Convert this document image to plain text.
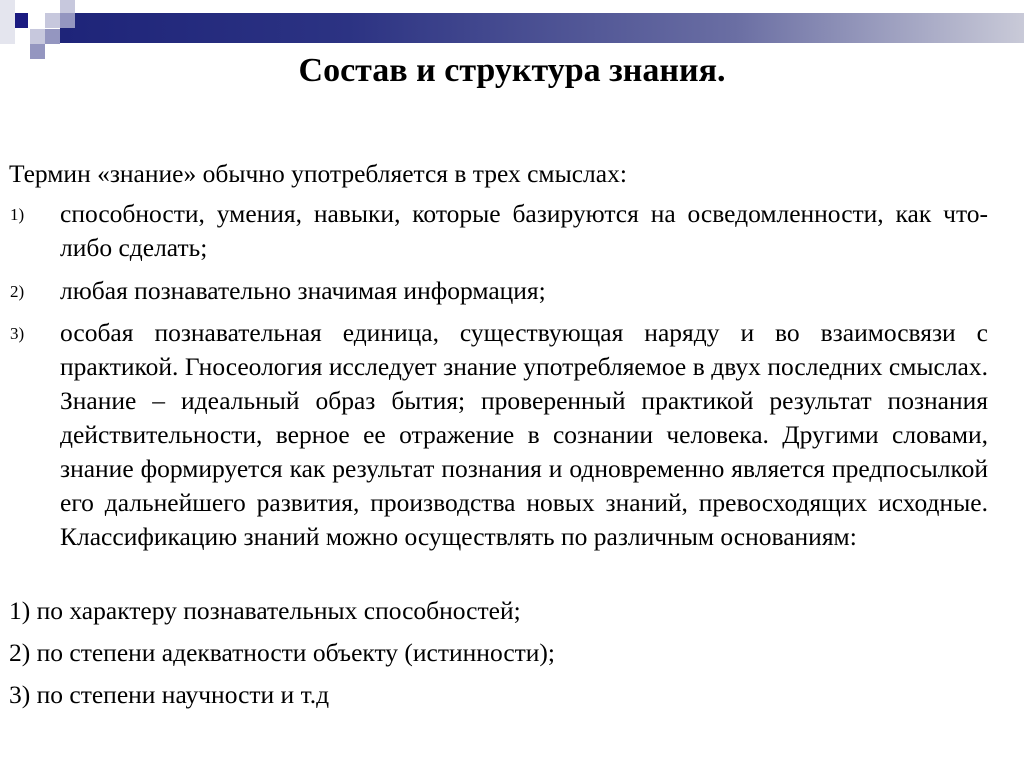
Состав и структура знания.
Термин «знание» обычно употребляется в трех смыслах:
1) способности, умения, навыки, которые базируются на осведомленности, как что-либо сделать;
2) любая познавательно значимая информация;
3) особая познавательная единица, существующая наряду и во взаимосвязи с практикой. Гносеология исследует знание употребляемое в двух последних смыслах. Знание – идеальный образ бытия; проверенный практикой результат познания действительности, верное ее отражение в сознании человека. Другими словами, знание формируется как результат познания и одновременно является предпосылкой его дальнейшего развития, производства новых знаний, превосходящих исходные. Классификацию знаний можно осуществлять по различным основаниям:
1) по характеру познавательных способностей;
2) по степени адекватности объекту (истинности);
3) по степени научности и т.д
